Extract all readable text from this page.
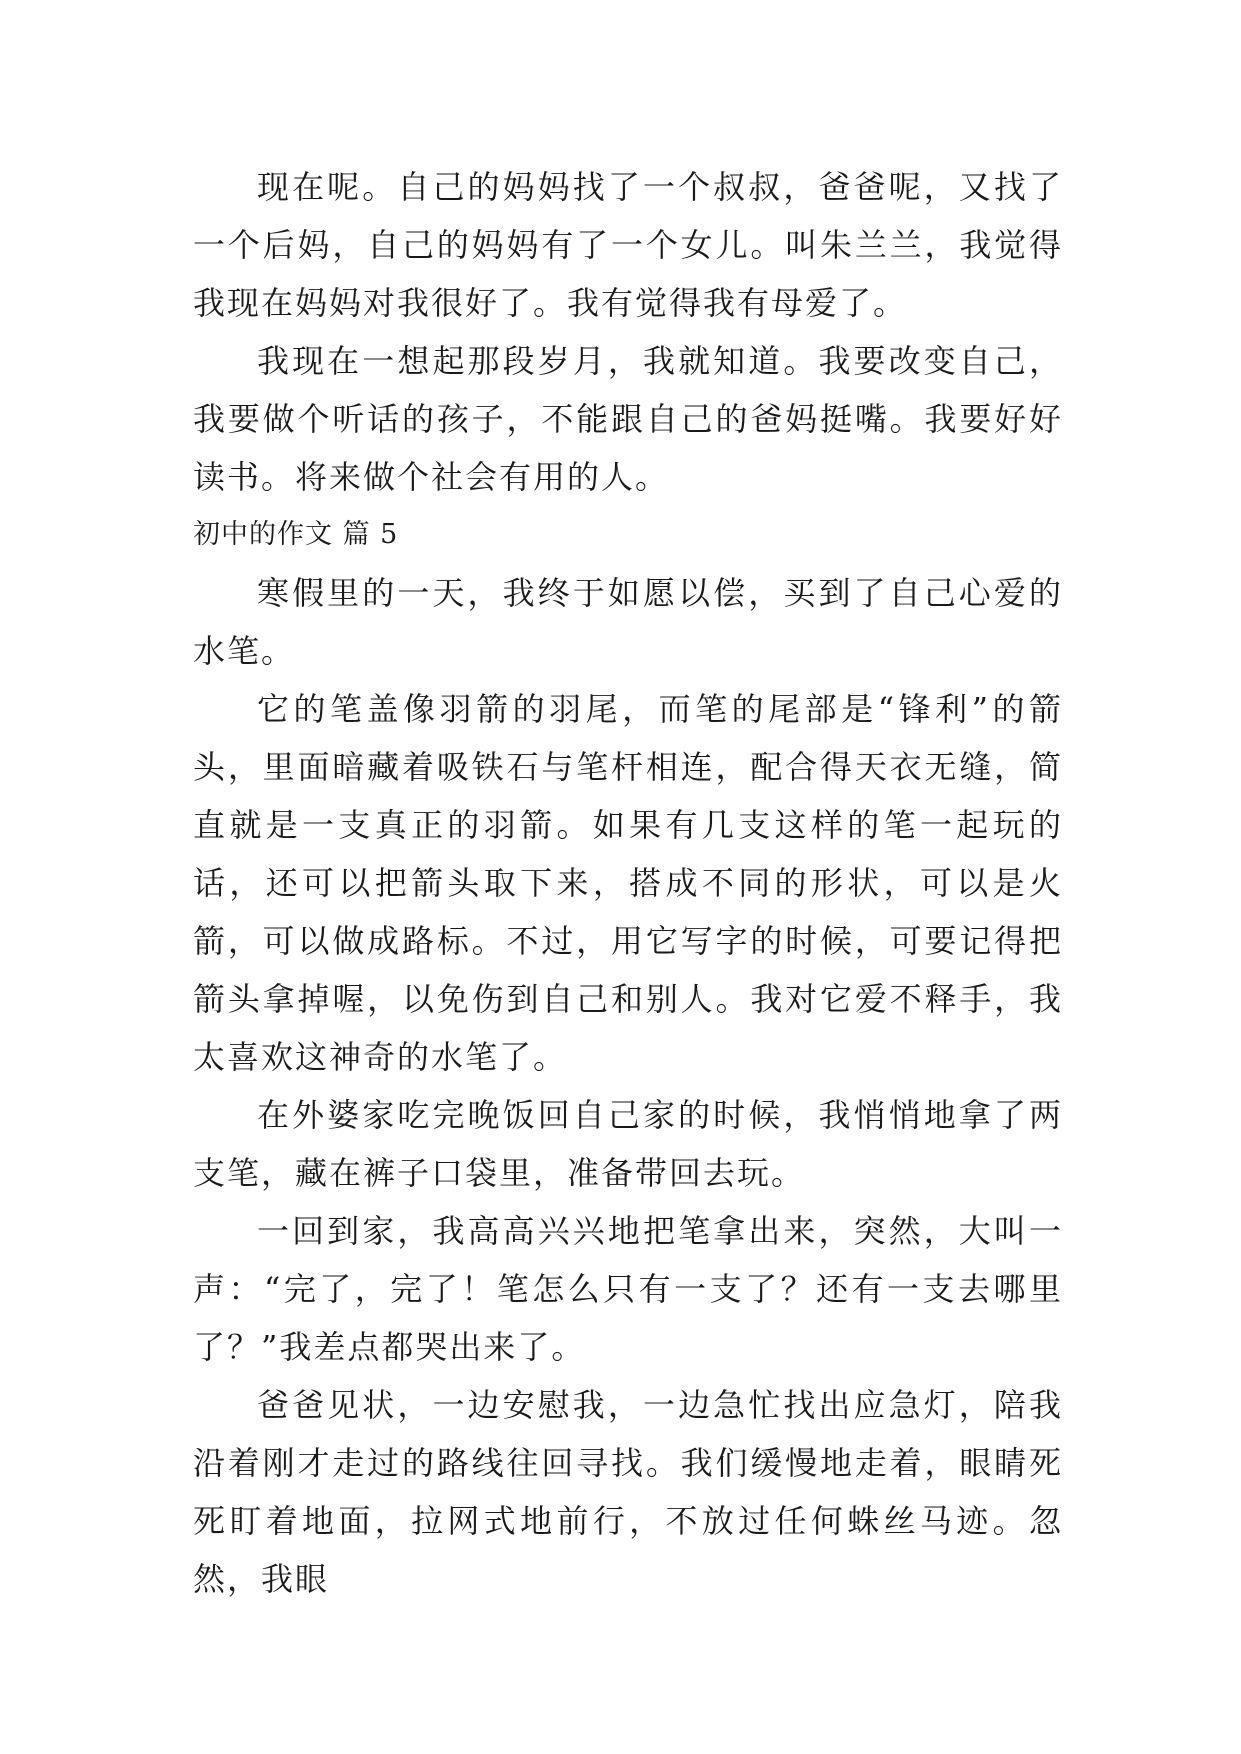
现在呢。自己的妈妈找了一个叔叔，爸爸呢，又找了一个后妈，自己的妈妈有了一个女儿。叫朱兰兰，我觉得我现在妈妈对我很好了。我有觉得我有母爱了。

我现在一想起那段岁月，我就知道。我要改变自己，我要做个听话的孩子，不能跟自己的爸妈挺嘴。我要好好读书。将来做个社会有用的人。

初中的作文 篇 5

寒假里的一天，我终于如愿以偿，买到了自己心爱的水笔。

它的笔盖像羽箭的羽尾，而笔的尾部是“锋利”的箭头，里面暗藏着吸铁石与笔杆相连，配合得天衣无缝，简直就是一支真正的羽箭。如果有几支这样的笔一起玩的话，还可以把箭头取下来，搭成不同的形状，可以是火箭，可以做成路标。不过，用它写字的时候，可要记得把箭头拿掉喔，以免伤到自己和别人。我对它爱不释手，我太喜欢这神奇的水笔了。

在外婆家吃完晚饭回自己家的时候，我悄悄地拿了两支笔，藏在裤子口袋里，准备带回去玩。

一回到家，我高高兴兴地把笔拿出来，突然，大叫一声：“完了，完了！笔怎么只有一支了？还有一支去哪里了？”我差点都哭出来了。

爸爸见状，一边安慰我，一边急忙找出应急灯，陪我沿着刚才走过的路线往回寻找。我们缓慢地走着，眼睛死死盯着地面，拉网式地前行，不放过任何蛛丝马迹。忽然，我眼
